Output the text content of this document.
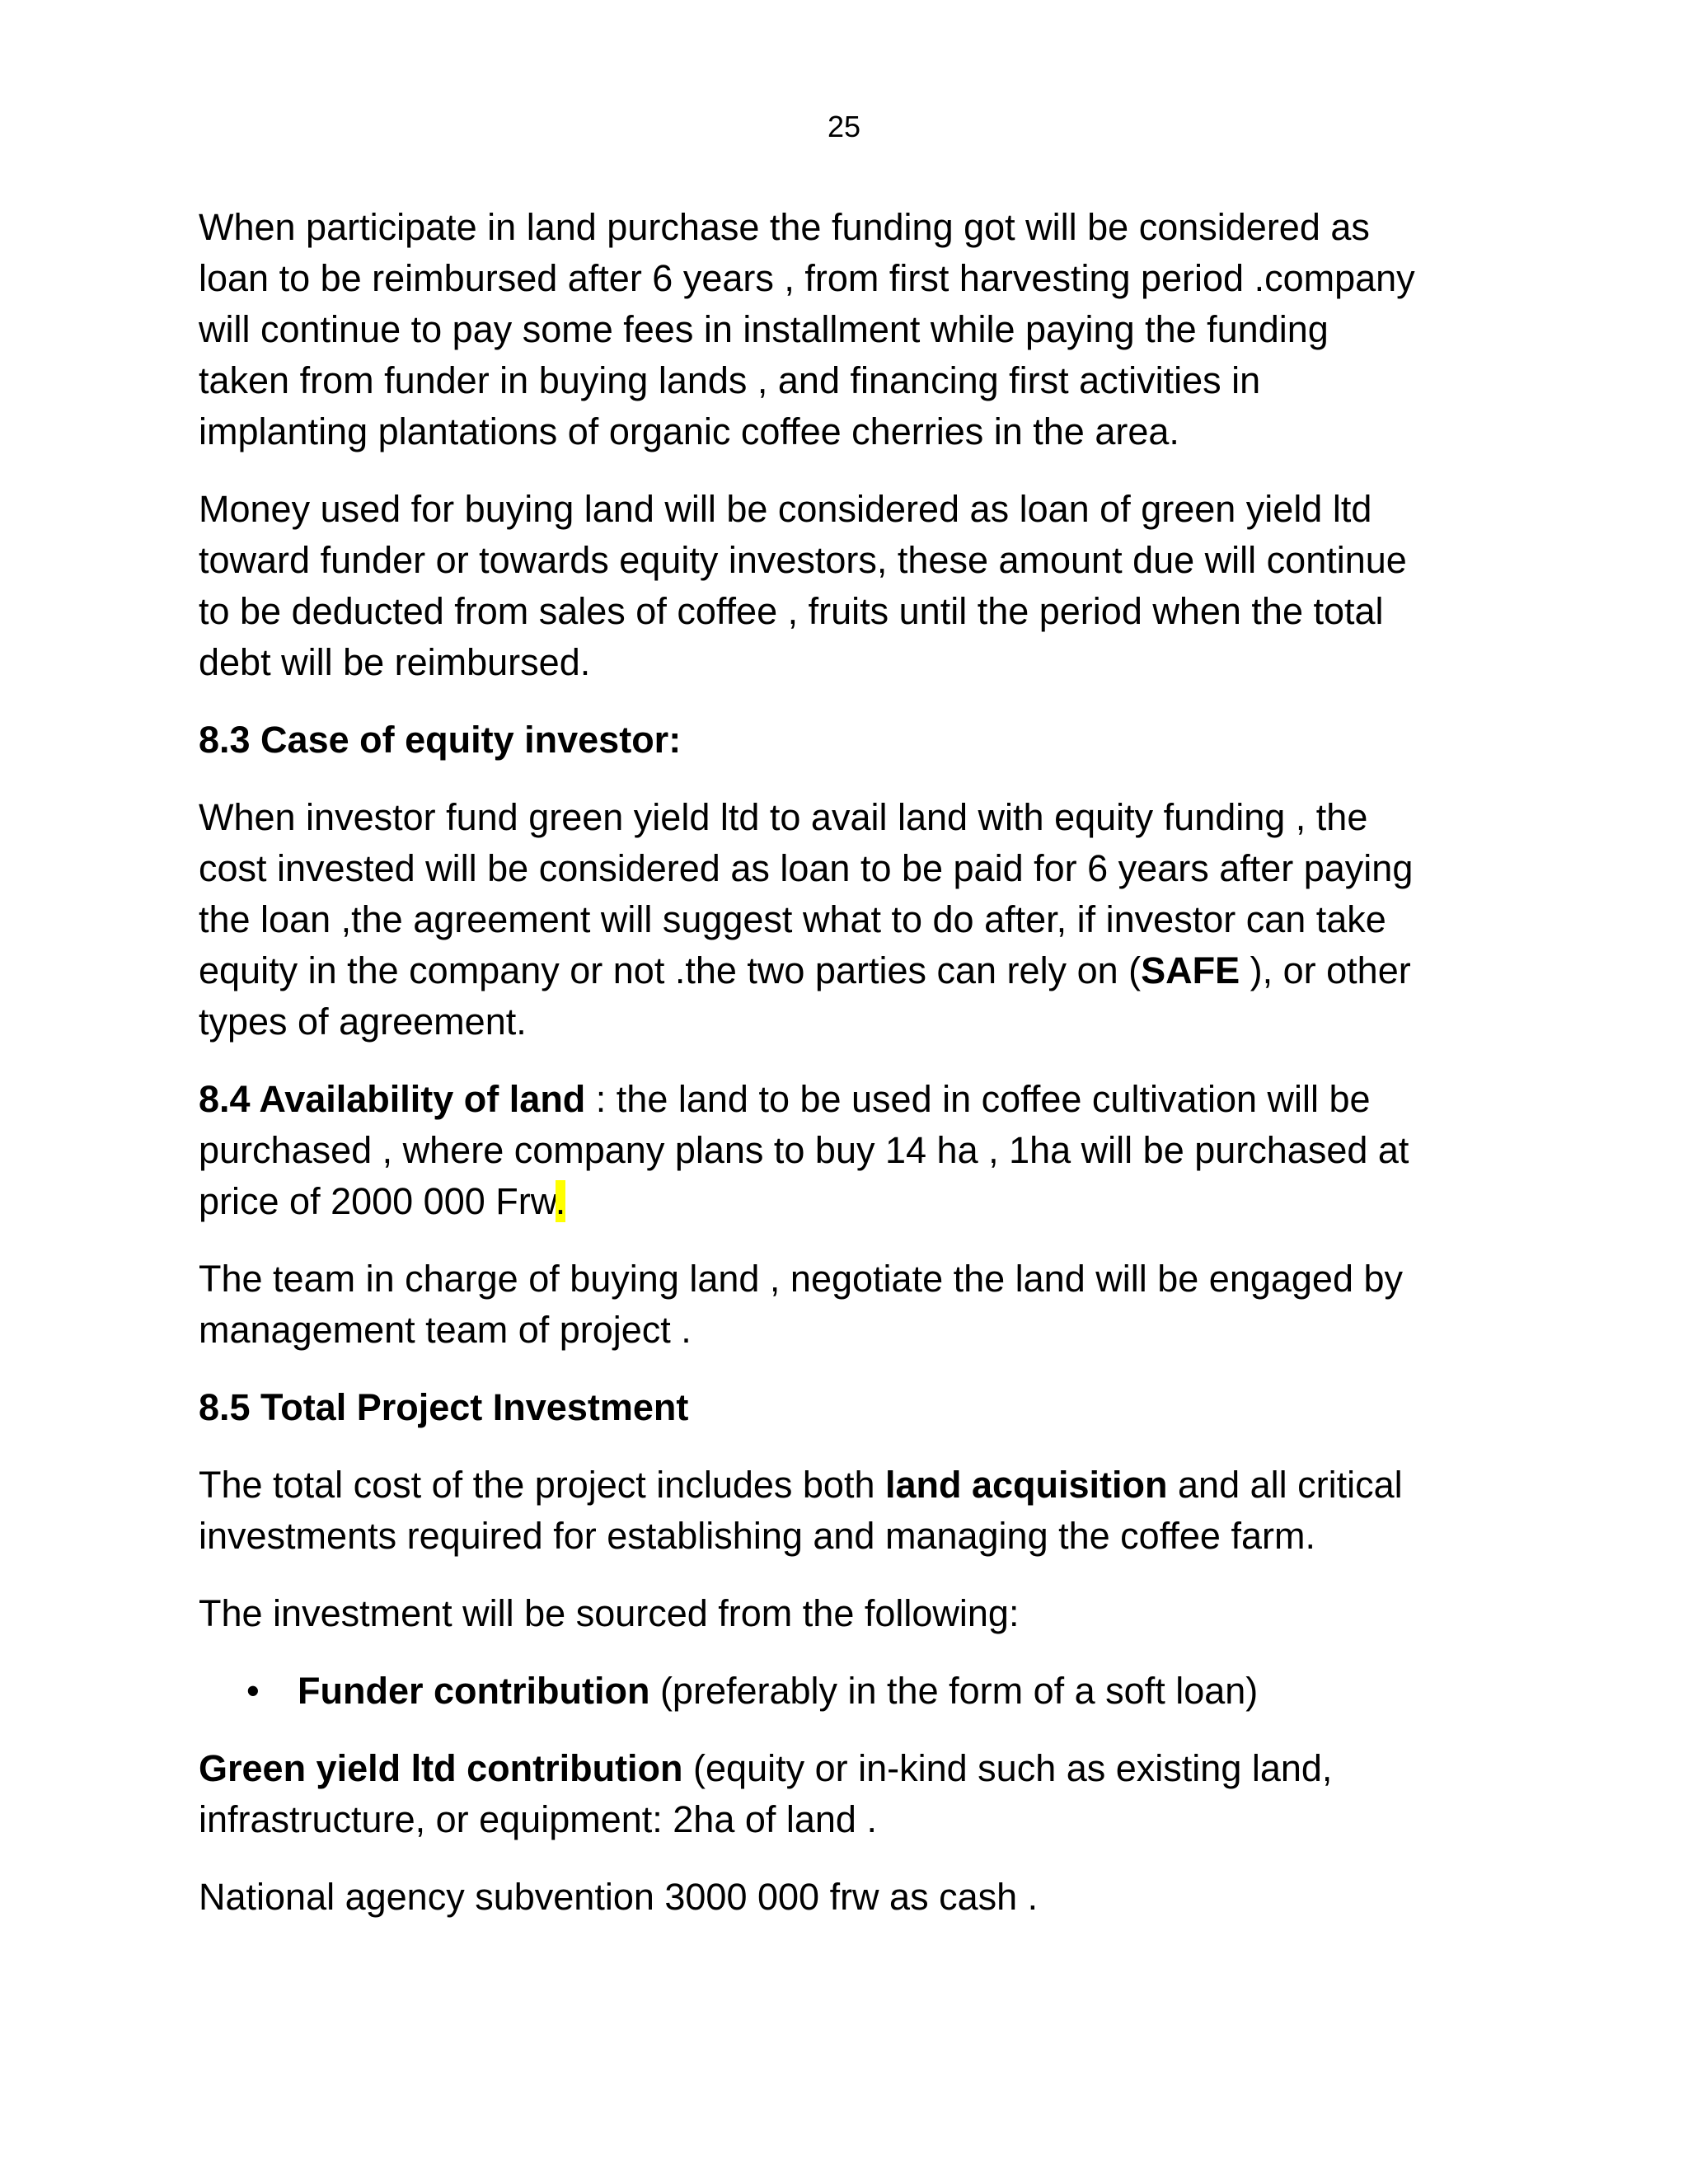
25
When participate in land purchase the funding got will be considered as
loan to be reimbursed after 6 years , from first harvesting period .company
will continue to pay some fees in installment while paying the funding
taken from funder in buying lands , and financing first activities in
implanting plantations of organic coffee cherries in the area.
Money used for buying land will be considered as loan of green yield ltd
toward funder or towards equity investors, these amount due will continue
to be deducted from sales of coffee , fruits until the period when the total
debt will be reimbursed.
8.3 Case of equity investor:
When investor fund green yield ltd to avail land with equity funding , the
cost invested will be considered as loan to be paid for 6 years after paying
the loan ,the agreement will suggest what to do after, if investor can take
equity in the company or not .the two parties can rely on (SAFE ), or other
types of agreement.
8.4 Availability of land : the land to be used in coffee cultivation will be
purchased , where company plans to buy 14 ha , 1ha will be purchased at
price of 2000 000 Frw.
The team in charge of buying land , negotiate the land will be engaged by
management team of project .
8.5 Total Project Investment
The total cost of the project includes both land acquisition and all critical
investments required for establishing and managing the coffee farm.
The investment will be sourced from the following:
• Funder contribution (preferably in the form of a soft loan)
Green yield ltd contribution (equity or in-kind such as existing land,
infrastructure, or equipment: 2ha of land .
National agency subvention 3000 000 frw as cash .
